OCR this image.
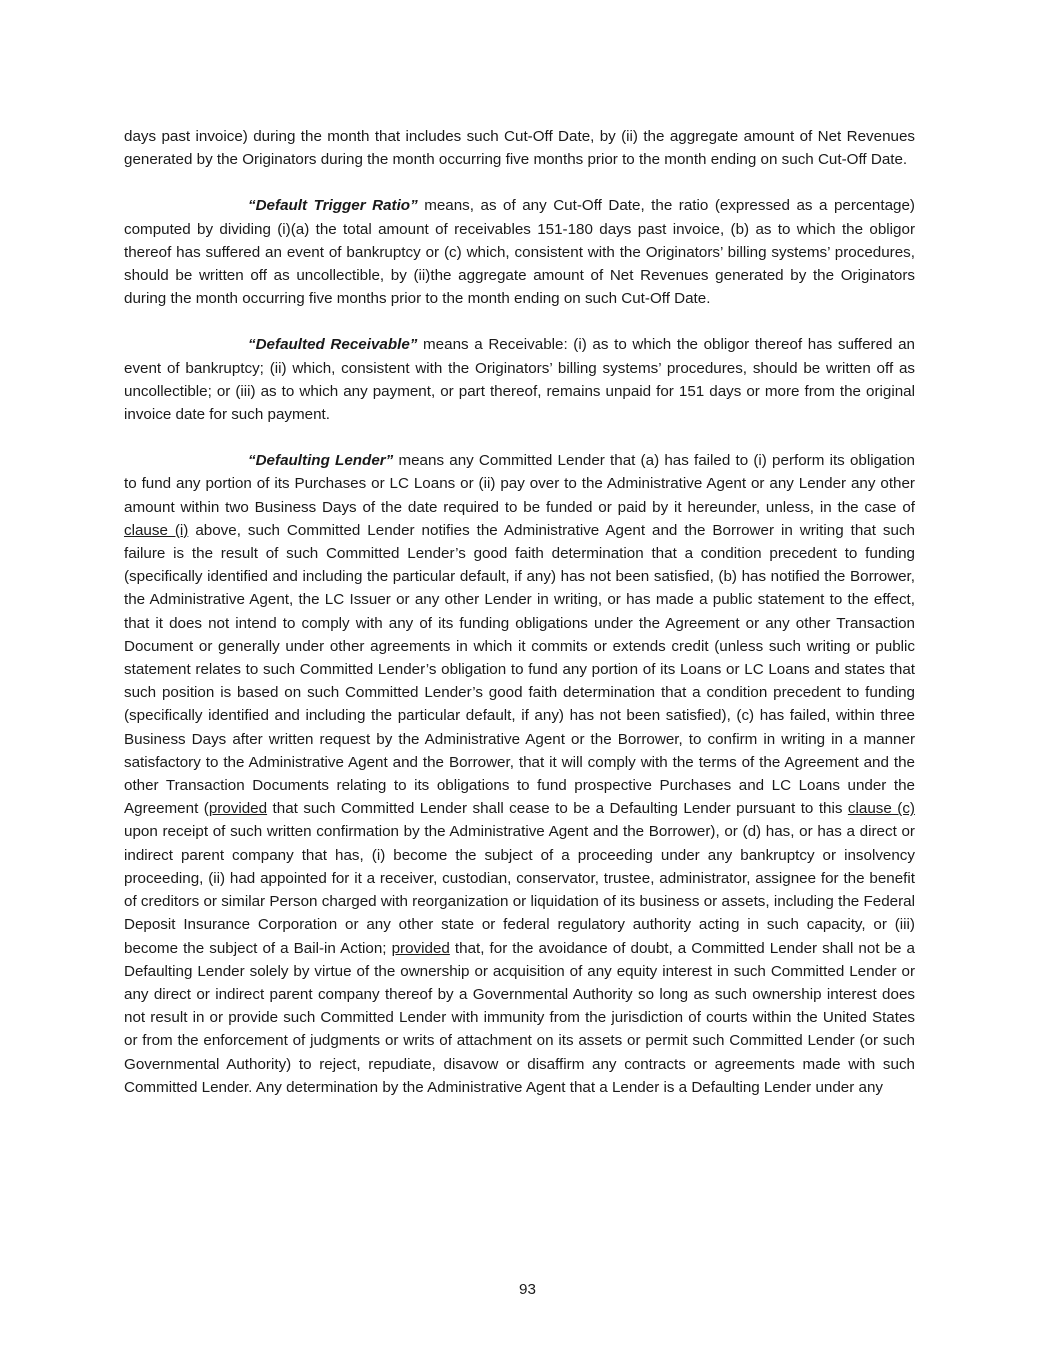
days past invoice) during the month that includes such Cut-Off Date, by (ii) the aggregate amount of Net Revenues generated by the Originators during the month occurring five months prior to the month ending on such Cut-Off Date.

“Default Trigger Ratio” means, as of any Cut-Off Date, the ratio (expressed as a percentage) computed by dividing (i)(a) the total amount of receivables 151-180 days past invoice, (b) as to which the obligor thereof has suffered an event of bankruptcy or (c) which, consistent with the Originators’ billing systems’ procedures, should be written off as uncollectible, by (ii)the aggregate amount of Net Revenues generated by the Originators during the month occurring five months prior to the month ending on such Cut-Off Date.

“Defaulted Receivable” means a Receivable: (i) as to which the obligor thereof has suffered an event of bankruptcy; (ii) which, consistent with the Originators’ billing systems’ procedures, should be written off as uncollectible; or (iii) as to which any payment, or part thereof, remains unpaid for 151 days or more from the original invoice date for such payment.

“Defaulting Lender” means any Committed Lender that (a) has failed to (i) perform its obligation to fund any portion of its Purchases or LC Loans or (ii) pay over to the Administrative Agent or any Lender any other amount within two Business Days of the date required to be funded or paid by it hereunder, unless, in the case of clause (i) above, such Committed Lender notifies the Administrative Agent and the Borrower in writing that such failure is the result of such Committed Lender’s good faith determination that a condition precedent to funding (specifically identified and including the particular default, if any) has not been satisfied, (b) has notified the Borrower, the Administrative Agent, the LC Issuer or any other Lender in writing, or has made a public statement to the effect, that it does not intend to comply with any of its funding obligations under the Agreement or any other Transaction Document or generally under other agreements in which it commits or extends credit (unless such writing or public statement relates to such Committed Lender’s obligation to fund any portion of its Loans or LC Loans and states that such position is based on such Committed Lender’s good faith determination that a condition precedent to funding (specifically identified and including the particular default, if any) has not been satisfied), (c) has failed, within three Business Days after written request by the Administrative Agent or the Borrower, to confirm in writing in a manner satisfactory to the Administrative Agent and the Borrower, that it will comply with the terms of the Agreement and the other Transaction Documents relating to its obligations to fund prospective Purchases and LC Loans under the Agreement (provided that such Committed Lender shall cease to be a Defaulting Lender pursuant to this clause (c) upon receipt of such written confirmation by the Administrative Agent and the Borrower), or (d) has, or has a direct or indirect parent company that has, (i) become the subject of a proceeding under any bankruptcy or insolvency proceeding, (ii) had appointed for it a receiver, custodian, conservator, trustee, administrator, assignee for the benefit of creditors or similar Person charged with reorganization or liquidation of its business or assets, including the Federal Deposit Insurance Corporation or any other state or federal regulatory authority acting in such capacity, or (iii) become the subject of a Bail-in Action; provided that, for the avoidance of doubt, a Committed Lender shall not be a Defaulting Lender solely by virtue of the ownership or acquisition of any equity interest in such Committed Lender or any direct or indirect parent company thereof by a Governmental Authority so long as such ownership interest does not result in or provide such Committed Lender with immunity from the jurisdiction of courts within the United States or from the enforcement of judgments or writs of attachment on its assets or permit such Committed Lender (or such Governmental Authority) to reject, repudiate, disavow or disaffirm any contracts or agreements made with such Committed Lender. Any determination by the Administrative Agent that a Lender is a Defaulting Lender under any

93
